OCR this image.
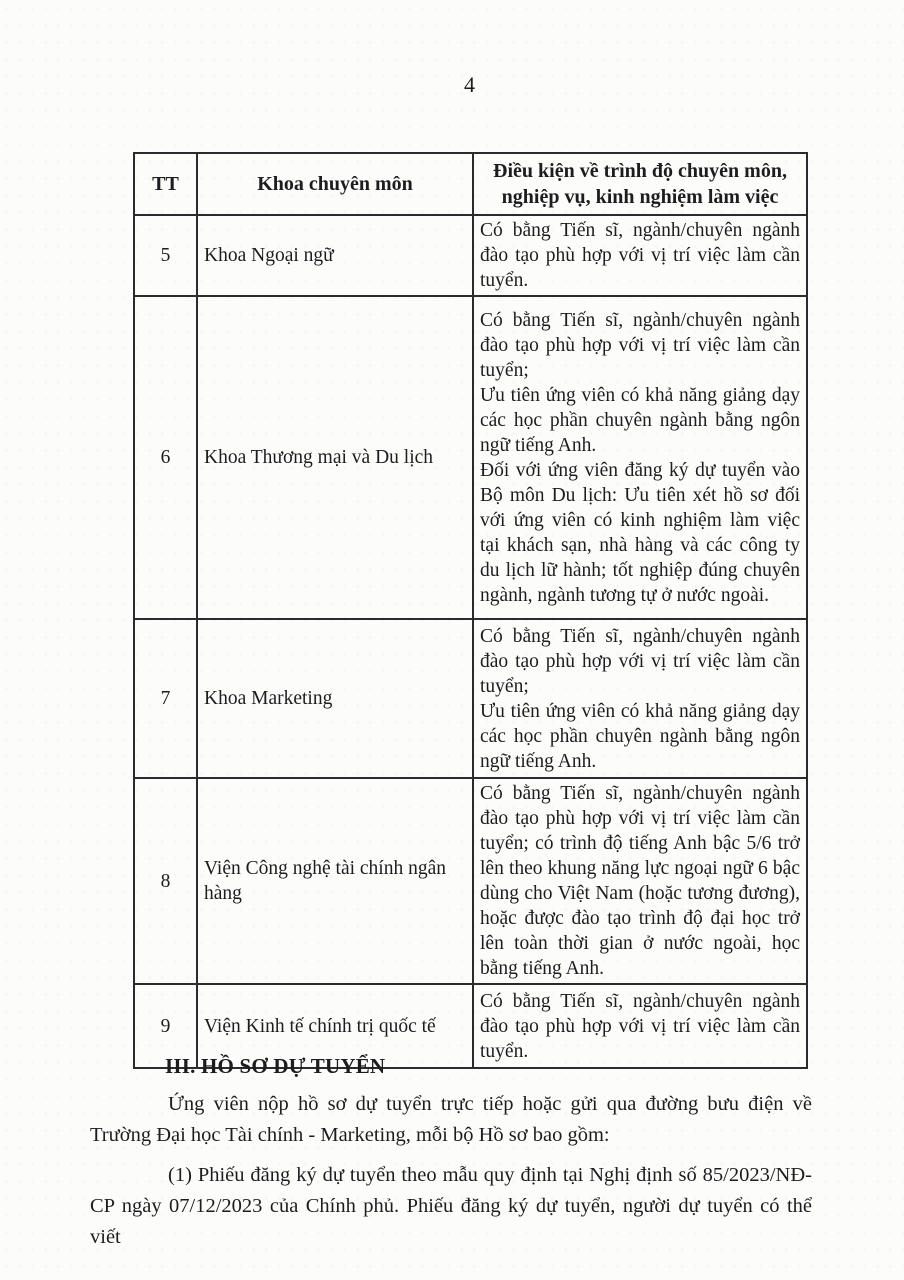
4
TT	Khoa chuyên môn	Điều kiện về trình độ chuyên môn, nghiệp vụ, kinh nghiệm làm việc
5	Khoa Ngoại ngữ	Có bằng Tiến sĩ, ngành/chuyên ngành đào tạo phù hợp với vị trí việc làm cần tuyển.

6	Khoa Thương mại và Du lịch	Có bằng Tiến sĩ, ngành/chuyên ngành đào tạo phù hợp với vị trí việc làm cần tuyển;

Ưu tiên ứng viên có khả năng giảng dạy các học phần chuyên ngành bằng ngôn ngữ tiếng Anh.

Đối với ứng viên đăng ký dự tuyển vào Bộ môn Du lịch: Ưu tiên xét hồ sơ đối với ứng viên có kinh nghiệm làm việc tại khách sạn, nhà hàng và các công ty du lịch lữ hành; tốt nghiệp đúng chuyên ngành, ngành tương tự ở nước ngoài.

7	Khoa Marketing	Có bằng Tiến sĩ, ngành/chuyên ngành đào tạo phù hợp với vị trí việc làm cần tuyển;

Ưu tiên ứng viên có khả năng giảng dạy các học phần chuyên ngành bằng ngôn ngữ tiếng Anh.

8	Viện Công nghệ tài chính ngân hàng	Có bằng Tiến sĩ, ngành/chuyên ngành đào tạo phù hợp với vị trí việc làm cần tuyển; có trình độ tiếng Anh bậc 5/6 trở lên theo khung năng lực ngoại ngữ 6 bậc dùng cho Việt Nam (hoặc tương đương), hoặc được đào tạo trình độ đại học trở lên toàn thời gian ở nước ngoài, học bằng tiếng Anh.

9	Viện Kinh tế chính trị quốc tế	Có bằng Tiến sĩ, ngành/chuyên ngành đào tạo phù hợp với vị trí việc làm cần tuyển.

III. HỒ SƠ DỰ TUYỂN

Ứng viên nộp hồ sơ dự tuyển trực tiếp hoặc gửi qua đường bưu điện về Trường Đại học Tài chính - Marketing, mỗi bộ Hồ sơ bao gồm:

(1) Phiếu đăng ký dự tuyển theo mẫu quy định tại Nghị định số 85/2023/NĐ-CP ngày 07/12/2023 của Chính phủ. Phiếu đăng ký dự tuyển, người dự tuyển có thể viết
